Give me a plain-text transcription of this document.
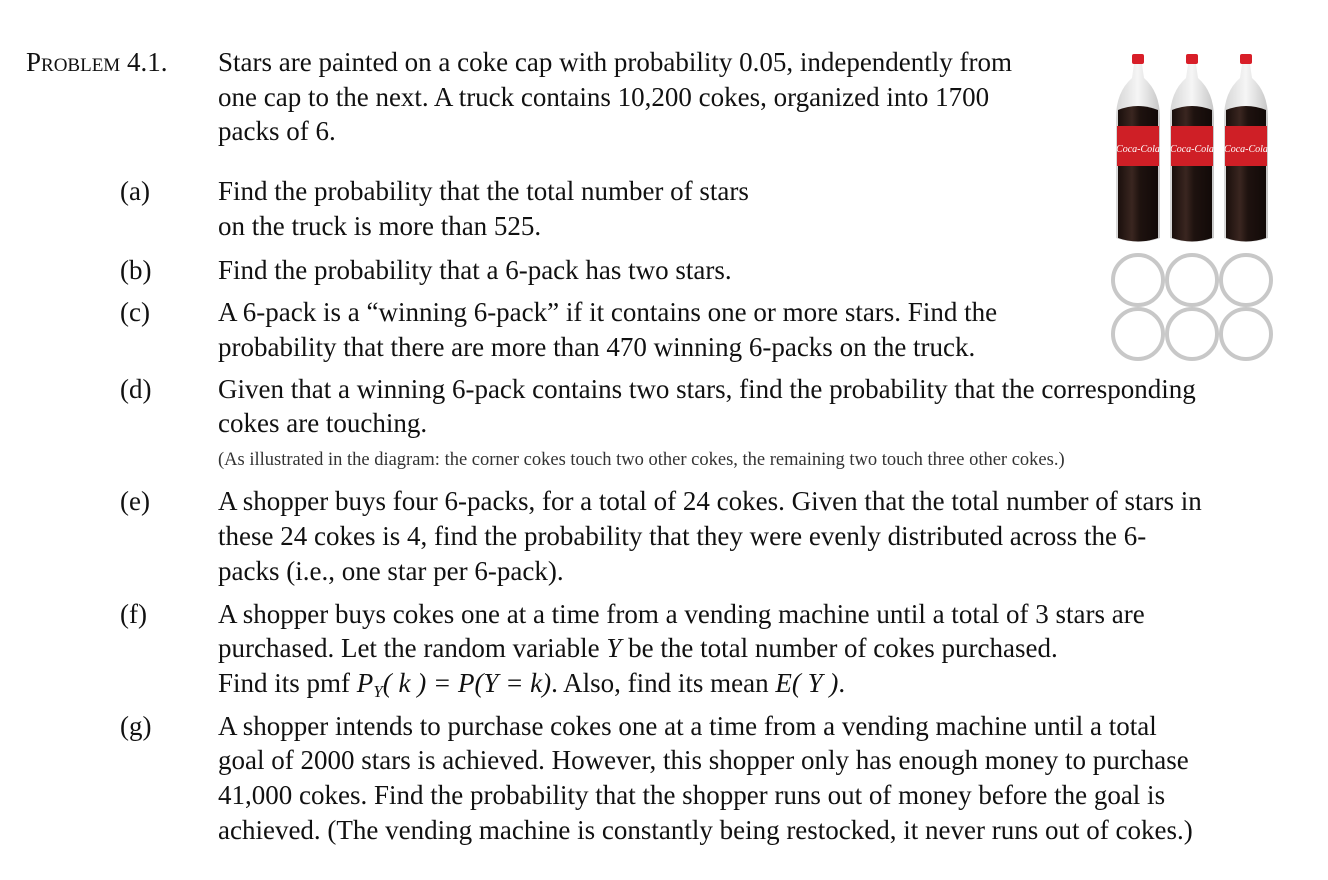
Problem 4.1. Stars are painted on a coke cap with probability 0.05, independently from
one cap to the next. A truck contains 10,200 cokes, organized into 1700
packs of 6.
(a)	Find the probability that the total number of stars
on the truck is more than 525.
(b) Find the probability that a 6-pack has two stars.
(c)	A 6-pack is a “winning 6-pack” if it contains one or more stars. Find the
probability that there are more than 470 winning 6-packs on the truck.
(d) Given that a winning 6-pack contains two stars, find the probability that the corresponding
cokes are touching.
(As illustrated in the diagram: the corner cokes touch two other cokes, the remaining two touch three other cokes.)
(e)	A shopper buys four 6-packs, for a total of 24 cokes. Given that the total number of stars in
these 24 cokes is 4, find the probability that they were evenly distributed across the 6-
packs (i.e., one star per 6-pack).
(f)	A shopper buys cokes one at a time from a vending machine until a total of 3 stars are
purchased. Let the random variable Y be the total number of cokes purchased.
Find its pmf $P_Y$( k ) = P(Y = k). Also, find its mean E( Y ).
(g) A shopper intends to purchase cokes one at a time from a vending machine until a total
goal of 2000 stars is achieved. However, this shopper only has enough money to purchase
41,000 cokes. Find the probability that the shopper runs out of money before the goal is
achieved. (The vending machine is constantly being restocked, it never runs out of cokes.)
Coca-Cola Coca-Cola Coca-Cola
